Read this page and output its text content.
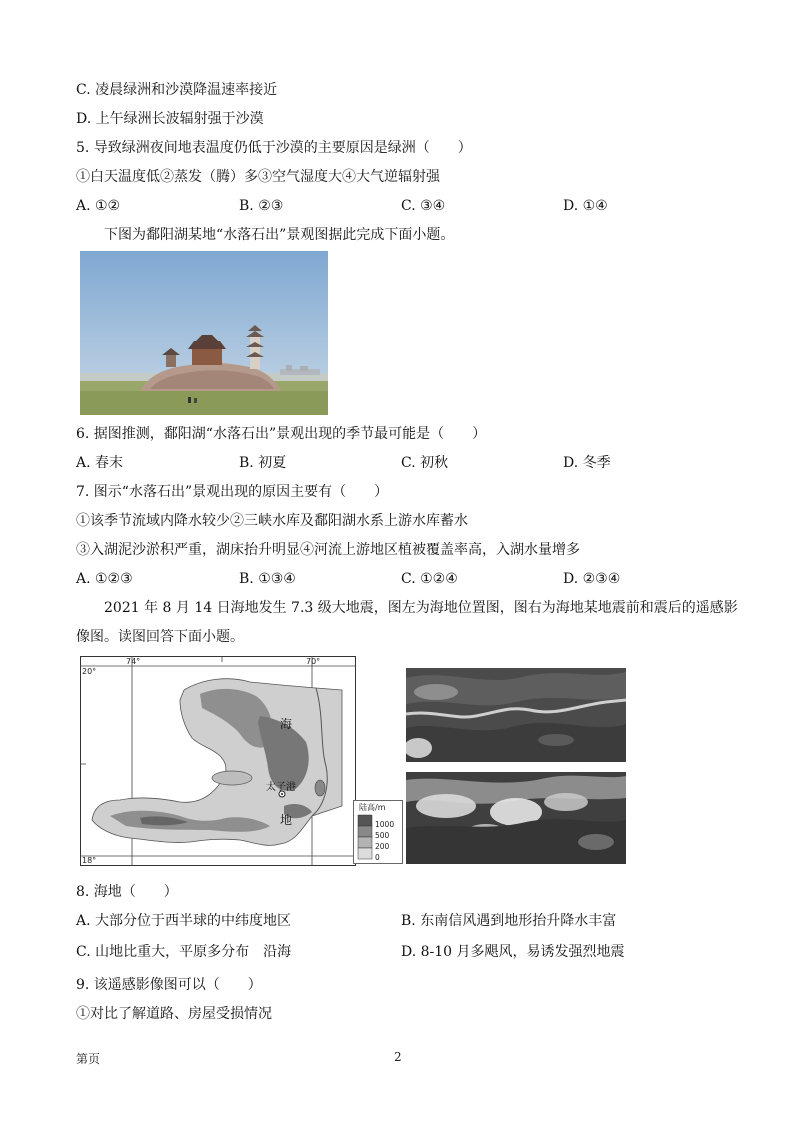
C. 凌晨绿洲和沙漠降温速率接近
D. 上午绿洲长波辐射强于沙漠
5. 导致绿洲夜间地表温度仍低于沙漠的主要原因是绿洲（　　）
①白天温度低②蒸发（腾）多③空气湿度大④大气逆辐射强
A. ①②	B. ②③	C. ③④	D. ①④
下图为鄱阳湖某地“水落石出”景观图据此完成下面小题。
6. 据图推测，鄱阳湖“水落石出”景观出现的季节最可能是（　　）
A. 春末	B. 初夏	C. 初秋	D. 冬季
7. 图示“水落石出”景观出现的原因主要有（　　）
①该季节流域内降水较少②三峡水库及鄱阳湖水系上游水库蓄水
③入湖泥沙淤积严重，湖床抬升明显④河流上游地区植被覆盖率高，入湖水量增多
A. ①②③	B. ①③④	C. ①②④	D. ②③④
2021 年 8 月 14 日海地发生 7.3 级大地震，图左为海地位置图，图右为海地某地震前和震后的遥感影
像图。读图回答下面小题。
74°	70°
20°
18°
海
地
太子港
陆高/m
1000
500
200
0
8. 海地（　　）
A. 大部分位于西半球的中纬度地区	B. 东南信风遇到地形抬升降水丰富
C. 山地比重大，平原多分布　沿海	D. 8-10 月多飓风，易诱发强烈地震
9. 该遥感影像图可以（　　）
①对比了解道路、房屋受损情况
第页	2
